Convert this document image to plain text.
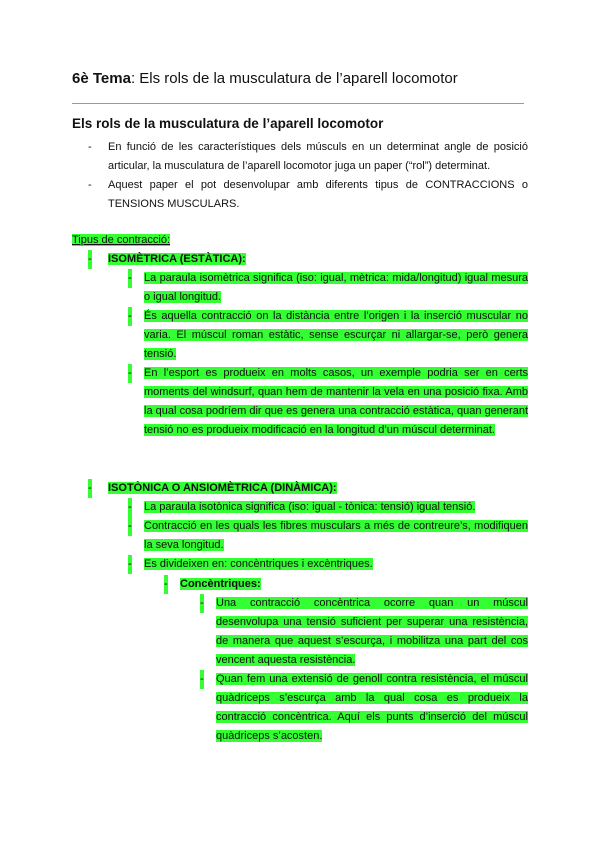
6è Tema: Els rols de la musculatura de l’aparell locomotor
Els rols de la musculatura de l’aparell locomotor
- En funció de les característiques dels músculs en un determinat angle de posició articular, la musculatura de l’aparell locomotor juga un paper (“rol”) determinat.
- Aquest paper el pot desenvolupar amb diferents tipus de CONTRACCIONS o TENSIONS MUSCULARS.
Tipus de contracció:
- ISOMÈTRICA (ESTÀTICA):
- La paraula isomètrica significa (iso: igual, mètrica: mida/longitud) igual mesura o igual longitud.
- És aquella contracció on la distància entre l’origen i la inserció muscular no varia. El múscul roman estàtic, sense escurçar ni allargar-se, però genera tensió.
- En l’esport es produeix en molts casos, un exemple podria ser en certs moments del windsurf, quan hem de mantenir la vela en una posició fixa. Amb la qual cosa podríem dir que es genera una contracció estàtica, quan generant tensió no es produeix modificació en la longitud d’un múscul determinat.
- ISOTÒNICA O ANSIOMÈTRICA (DINÀMICA):
- La paraula isotònica significa (iso: igual - tònica: tensió) igual tensió.
- Contracció en les quals les fibres musculars a més de contreure’s, modifiquen la seva longitud.
- Es divideixen en: concèntriques i excèntriques.
- Concèntriques:
- Una contracció concèntrica ocorre quan un múscul desenvolupa una tensió suficient per superar una resistència, de manera que aquest s’escurça, i mobilitza una part del cos vencent aquesta resistència.
- Quan fem una extensió de genoll contra resistència, el múscul quàdriceps s’escurça amb la qual cosa es produeix la contracció concèntrica. Aquí els punts d’inserció del múscul quàdriceps s’acosten.
